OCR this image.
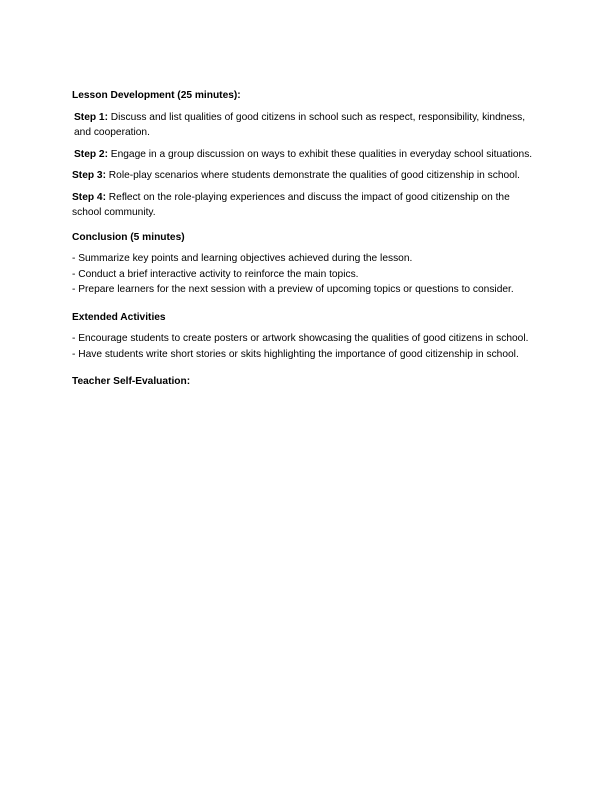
Lesson Development (25 minutes):

Step 1: Discuss and list qualities of good citizens in school such as respect, responsibility, kindness, and cooperation.

Step 2: Engage in a group discussion on ways to exhibit these qualities in everyday school situations.

Step 3: Role-play scenarios where students demonstrate the qualities of good citizenship in school.

Step 4: Reflect on the role-playing experiences and discuss the impact of good citizenship on the school community.

Conclusion (5 minutes)

- Summarize key points and learning objectives achieved during the lesson.

- Conduct a brief interactive activity to reinforce the main topics.

- Prepare learners for the next session with a preview of upcoming topics or questions to consider.

Extended Activities

- Encourage students to create posters or artwork showcasing the qualities of good citizens in school.

- Have students write short stories or skits highlighting the importance of good citizenship in school.

Teacher Self-Evaluation:
